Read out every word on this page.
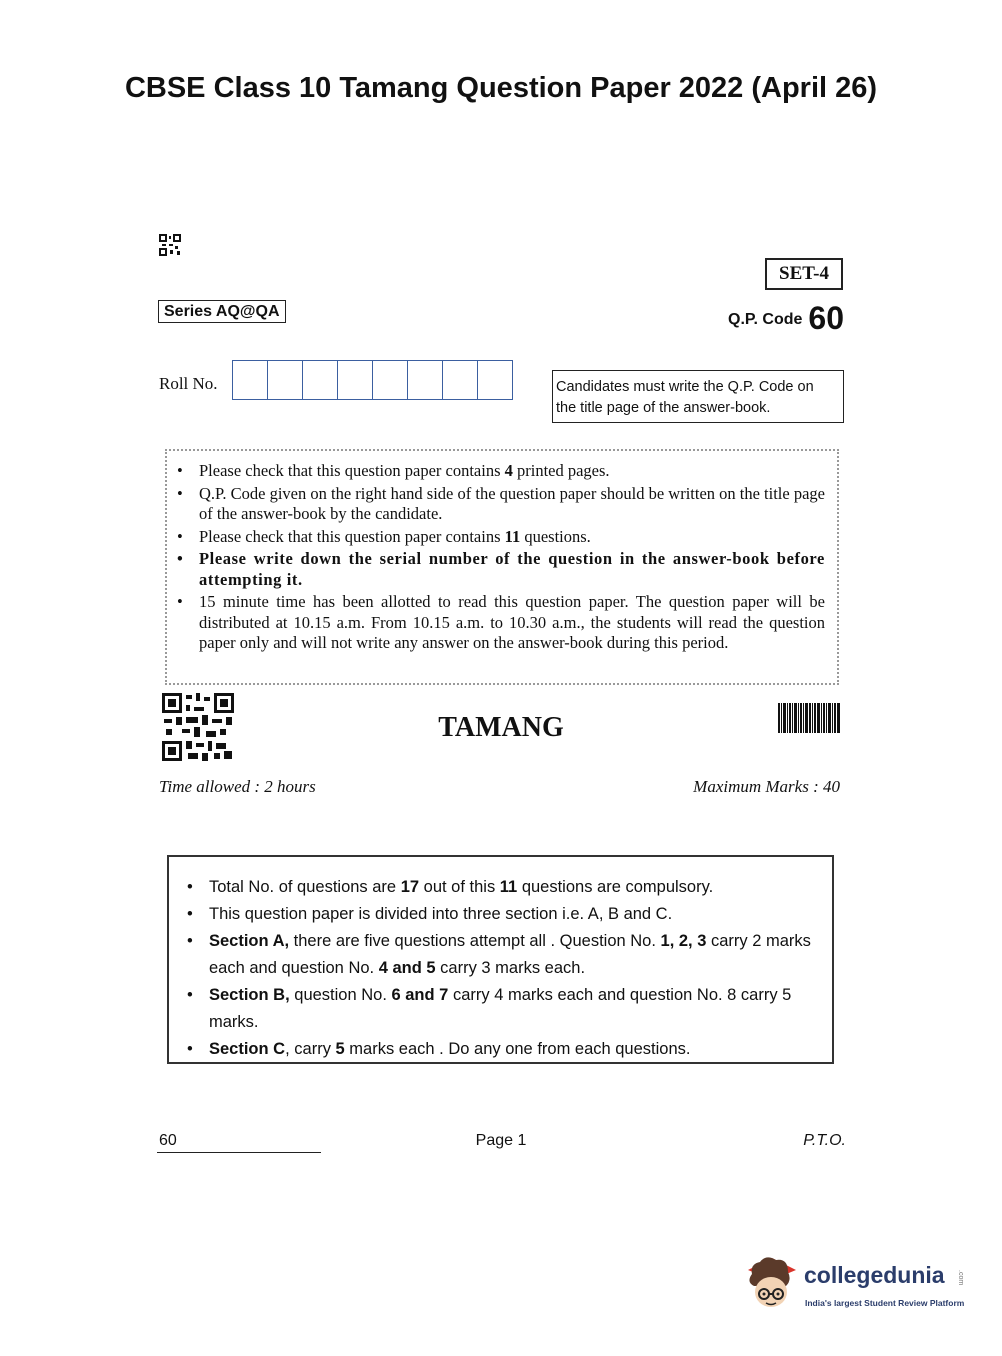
CBSE Class 10 Tamang Question Paper 2022 (April 26)
SET-4
Series AQ@QA	Q.P. Code 60
Roll No.	Candidates must write the Q.P. Code on
the title page of the answer-book.
• Please check that this question paper contains 4 printed pages.
• Q.P. Code given on the right hand side of the question paper should be written on the title page of the answer-book by the candidate.
• Please check that this question paper contains 11 questions.
• Please write down the serial number of the question in the answer-book before attempting it.
• 15 minute time has been allotted to read this question paper. The question paper will be distributed at 10.15 a.m. From 10.15 a.m. to 10.30 a.m., the students will read the question paper only and will not write any answer on the answer-book during this period.
TAMANG
Time allowed : 2 hours	Maximum Marks : 40
• Total No. of questions are 17 out of this 11 questions are compulsory.
• This question paper is divided into three section i.e. A, B and C.
• Section A, there are five questions attempt all . Question No. 1, 2, 3 carry 2 marks each and question No. 4 and 5 carry 3 marks each.
• Section B, question No. 6 and 7 carry 4 marks each and question No. 8 carry 5 marks.
• Section C, carry 5 marks each . Do any one from each questions.
60	Page 1	P.T.O.
collegedunia .com
India's largest Student Review Platform
